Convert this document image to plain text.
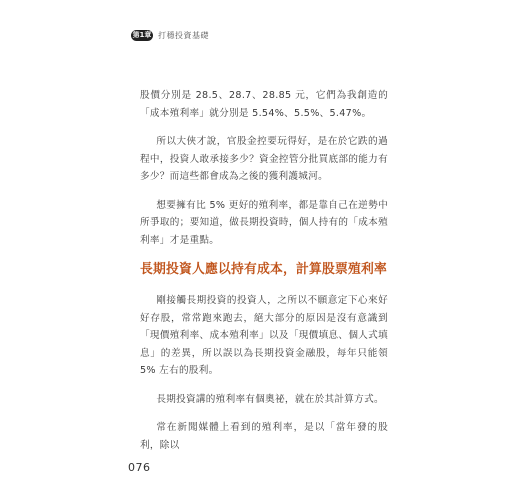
第1章 打穩投資基礎

股價分別是 28.5、28.7、28.85 元，它們為我創造的「成本殖利率」就分別是 5.54%、5.5%、5.47%。

所以大俠才說，官股金控要玩得好，是在於它跌的過程中，投資人敢承接多少？資金控管分批買底部的能力有多少？而這些都會成為之後的獲利護城河。

想要擁有比 5% 更好的殖利率，都是靠自己在逆勢中所爭取的；要知道，做長期投資時，個人持有的「成本殖利率」才是重點。

長期投資人應以持有成本，計算股票殖利率

剛接觸長期投資的投資人，之所以不願意定下心來好好存股，常常跑來跑去，絕大部分的原因是沒有意識到「現價殖利率、成本殖利率」以及「現價填息、個人式填息」的差異，所以誤以為長期投資金融股，每年只能領 5% 左右的股利。

長期投資講的殖利率有個奧祕，就在於其計算方式。

常在新聞媒體上看到的殖利率，是以「當年發的股利，除以

076
